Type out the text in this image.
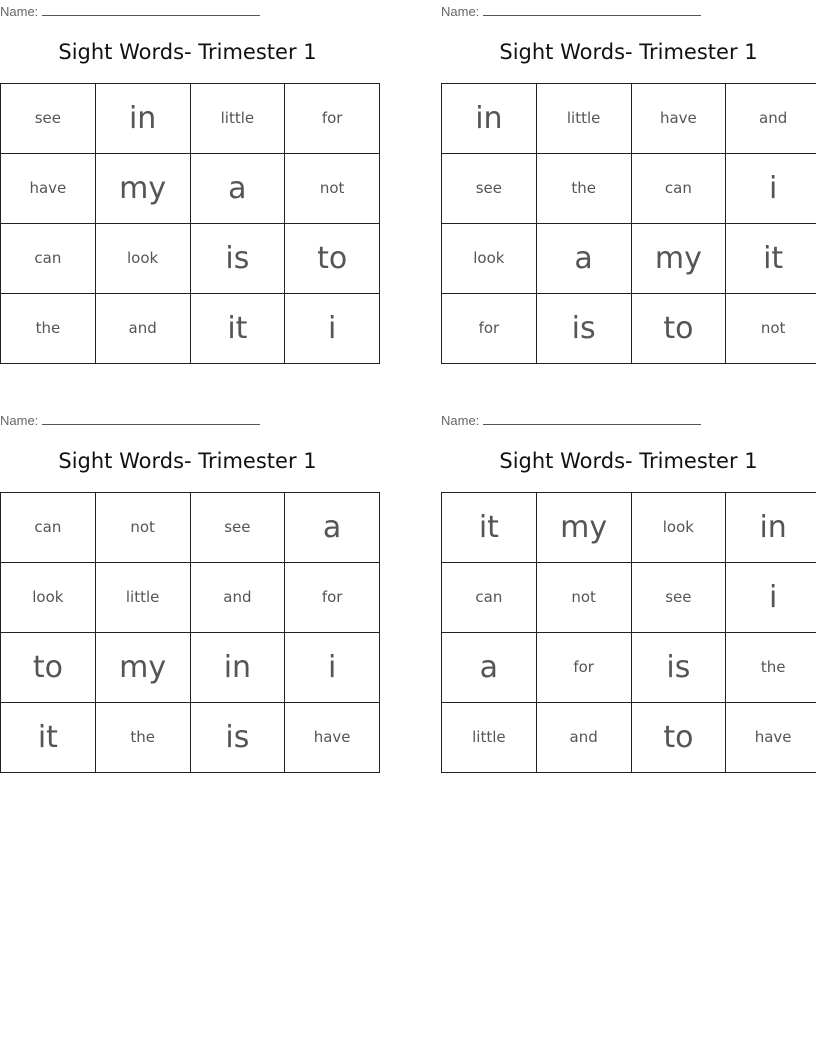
Name:
Sight Words- Trimester 1
see	in	little	for
have	my	a	not
can	look	is	to
the	and	it	i
Name:
Sight Words- Trimester 1
in	little	have	and
see	the	can	i
look	a	my	it
for	is	to	not
Name:
Sight Words- Trimester 1
can	not	see	a
look	little	and	for
to	my	in	i
it	the	is	have
Name:
Sight Words- Trimester 1
it	my	look	in
can	not	see	i
a	for	is	the
little	and	to	have
